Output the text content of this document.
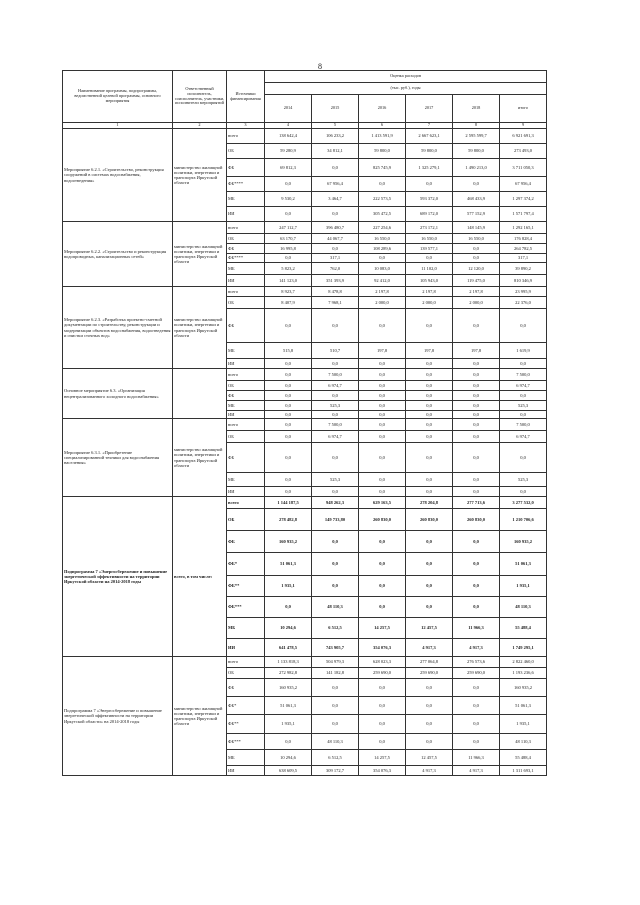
8
Наименование программы, подпрограммы, ведомственной целевой программы, основного мероприятия	Ответственный исполнитель, соисполнитель, участники, исполнители мероприятий	Источники финансирования	Оценка расходов					
			(тыс. руб.), годы					
			2014	2015	2016	2017	2018	итого
1	2	3	4	5	6	7	8	9
Мероприятие 6.2.1. «Строительство, реконструкция сооружений в системах водоснабжения, водоотведения»	министерство жилищной политики, энергетики и транспорта Иркутской области	всего	138 642,4	106 233,2	1 413 591,9	2 667 623,1	2 595 599,7	6 921 691,3
		ОБ	59 280,9	34 812,1	59 800,0	59 800,0	59 800,0	273 493,0
		ФБ	69 812,3	0,0	825 745,9	1 325 279,1	1 490 213,0	3 711 050,3
		ФБ****	0,0	67 956,4	0,0	0,0	0,0	67 956,4
		МБ	9 530,2	3 464,7	222 573,5	593 372,0	468 433,9	1 297 374,2
		ИИ	0,0	0,0	305 472,5	689 172,0	577 152,9	1 571 797,4
Мероприятие 6.2.2. «Строительство и реконструкция водопроводных, канализационных сетей»	министерство жилищной политики, энергетики и транспорта Иркутской области	всего	247 112,7	396 480,7	227 254,6	273 172,1	148 145,9	1 292 165,1
		ОБ	63 170,7	44 067,7	16 550,0	16 550,0	16 550,0	176 828,4
		ФБ	16 995,8	0,0	108 289,6	139 577,1	0,0	264 782,5
		ФБ****	0,0	317,1	0,0	0,0	0,0	317,1
		МБ	5 823,2	762,0	10 083,0	11 102,0	12 120,0	39 890,2
		ИИ	141 123,0	351 393,9	92 412,0	105 943,0	119 475,0	810 346,9
Мероприятие 6.2.3. «Разработка проектно-сметной документации по строительству, реконструкции и модернизации объектов водоснабжения, водоотведения и очистки сточных вод»	министерство жилищной политики, энергетики и транспорта Иркутской области	всего	8 923,7	8 478,8	2 197,8	2 197,8	2 197,8	23 995,9
		ОБ	8 407,9	7 968,1	2 000,0	2 000,0	2 000,0	22 376,0
		ФБ	0,0	0,0	0,0	0,0	0,0	0,0
		МБ	515,8	510,7	197,8	197,8	197,8	1 619,9
		ИИ	0,0	0,0	0,0	0,0	0,0	0,0
Основное мероприятие 6.3. «Организация нецентрализованного холодного водоснабжения»		всего	0,0	7 500,0	0,0	0,0	0,0	7 500,0
		ОБ	0,0	6 974,7	0,0	0,0	0,0	6 974,7
		ФБ	0,0	0,0	0,0	0,0	0,0	0,0
		МБ	0,0	525,3	0,0	0,0	0,0	525,3
		ИИ	0,0	0,0	0,0	0,0	0,0	0,0
Мероприятие 6.3.1. «Приобретение специализированной техники для водоснабжения населения»	министерство жилищной политики, энергетики и транспорта Иркутской области	всего	0,0	7 500,0	0,0	0,0	0,0	7 500,0
		ОБ	0,0	6 974,7	0,0	0,0	0,0	6 974,7
		ФБ	0,0	0,0	0,0	0,0	0,0	0,0
		МБ	0,0	525,3	0,0	0,0	0,0	525,3
		ИИ	0,0	0,0	0,0	0,0	0,0	0,0
Подпрограмма 7 «Энергосбережение и повышение энергетической эффективности на территории Иркутской области на 2014-2018 годы	всего, в том числе:	всего	1 144 187,5	948 262,3	629 163,5	278 204,8	277 713,6	3 277 532,0
		ОБ	278 482,8	149 733,80	260 830,0	260 830,0	260 830,0	1 210 706,6
		ФБ	160 935,2	0,0	0,0	0,0	0,0	160 935,2
		ФБ*	51 061,3	0,0	0,0	0,0	0,0	51 061,3
		ФБ**	1 935,1	0,0	0,0	0,0	0,0	1 935,1
		ФБ***	0,0	48 110,3	0,0	0,0	0,0	48 110,3
		МБ	10 294,6	6 512,5	14 257,5	12 457,5	11 966,3	55 488,4
		ИИ	641 478,5	743 905,7	354 076,3	4 917,3	4 917,3	1 749 295,1
Подпрограмма 7 «Энергосбережение и повышение энергетической эффективности на территории Иркутской области» на 2014-2018 годы	министерство жилищной политики, энергетики и транспорта Иркутской области	всего	1 133 818,3	504 979,3	628 023,3	277 064,8	276 573,6	2 822 460,0
		ОБ	272 982,8	141 182,8	259 690,0	259 690,0	259 690,0	1 193 236,6
		ФБ	160 935,2	0,0	0,0	0,0	0,0	160 935,2
		ФБ*	51 061,3	0,0	0,0	0,0	0,0	51 061,3
		ФБ**	1 935,1	0,0	0,0	0,0	0,0	1 935,1
		ФБ***	0,0	48 110,3	0,0	0,0	0,0	48 110,3
		МБ	10 294,6	6 512,5	14 257,5	12 457,5	11 966,3	55 488,4
		ИИ	638 609,5	309 172,7	354 076,3	4 917,3	4 917,3	1 311 693,1
